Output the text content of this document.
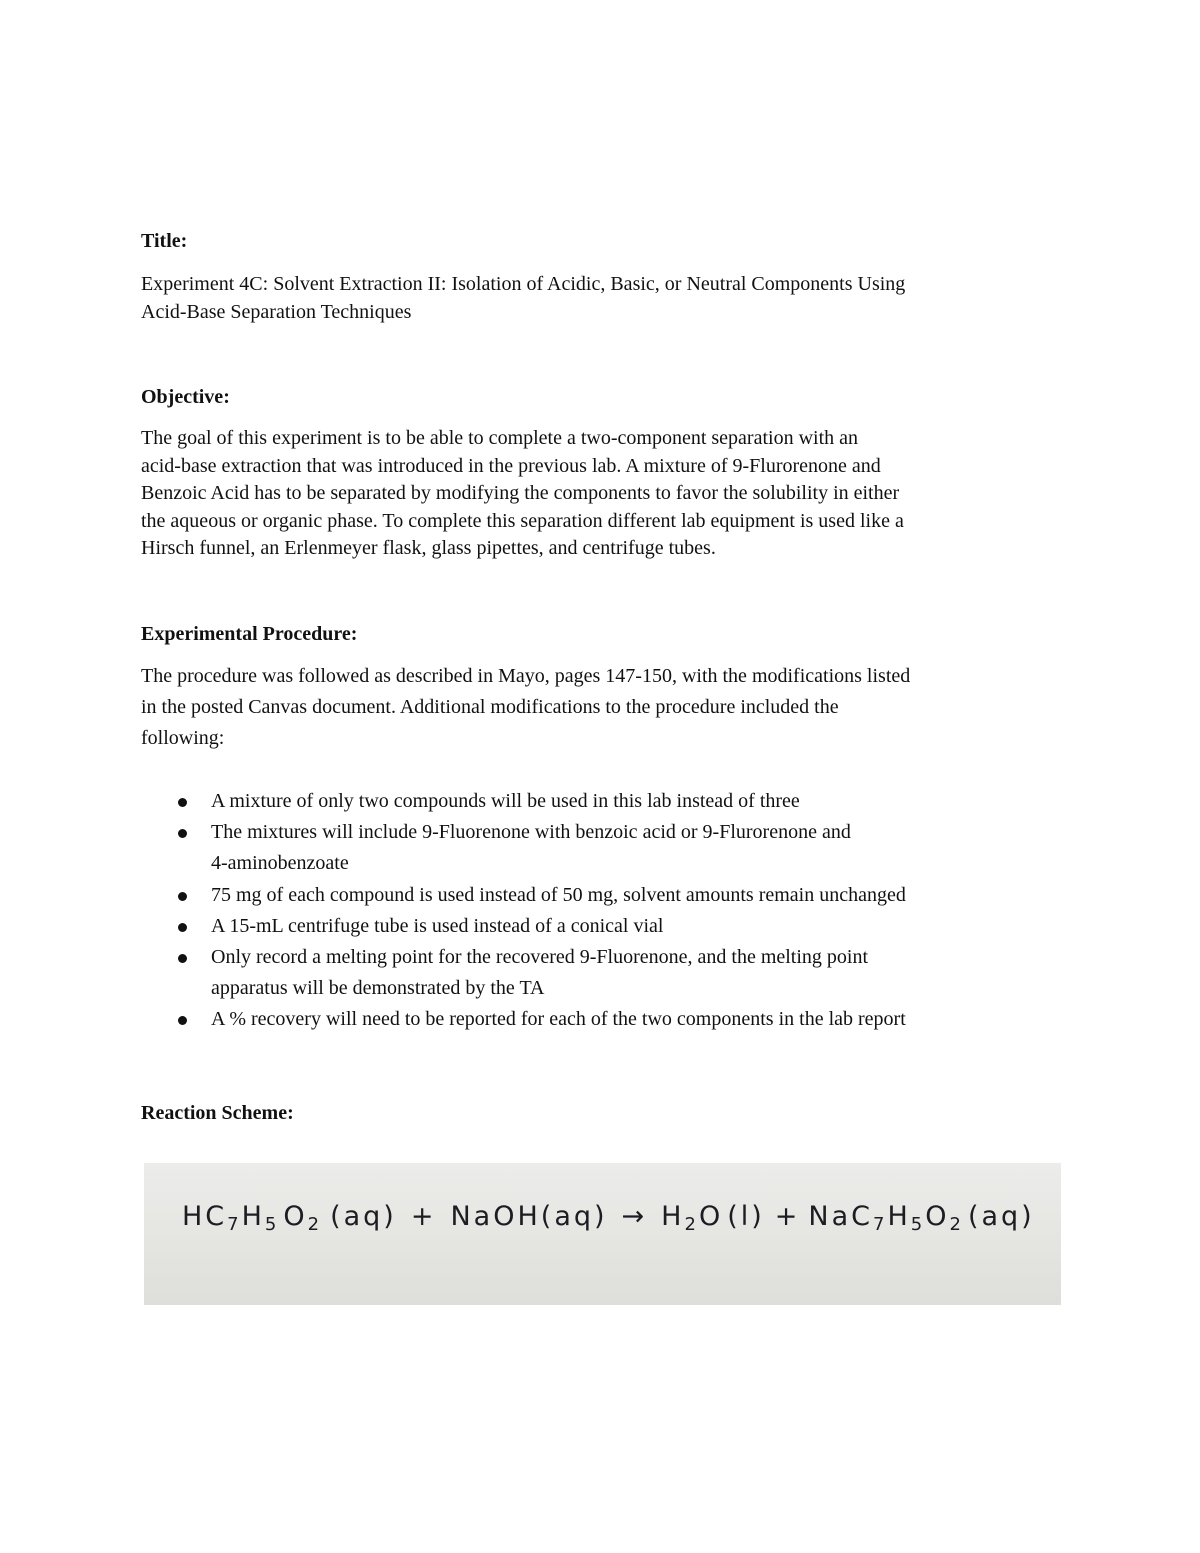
Title:
Experiment 4C: Solvent Extraction II: Isolation of Acidic, Basic, or Neutral Components Using
Acid-Base Separation Techniques
Objective:
The goal of this experiment is to be able to complete a two-component separation with an
acid-base extraction that was introduced in the previous lab. A mixture of 9-Flurorenone and
Benzoic Acid has to be separated by modifying the components to favor the solubility in either
the aqueous or organic phase. To complete this separation different lab equipment is used like a
Hirsch funnel, an Erlenmeyer flask, glass pipettes, and centrifuge tubes.
Experimental Procedure:
The procedure was followed as described in Mayo, pages 147-150, with the modifications listed
in the posted Canvas document. Additional modifications to the procedure included the
following:
A mixture of only two compounds will be used in this lab instead of three
The mixtures will include 9-Fluorenone with benzoic acid or 9-Flurorenone and
4-aminobenzoate
75 mg of each compound is used instead of 50 mg, solvent amounts remain unchanged
A 15-mL centrifuge tube is used instead of a conical vial
Only record a melting point for the recovered 9-Fluorenone, and the melting point
apparatus will be demonstrated by the TA
A % recovery will need to be reported for each of the two components in the lab report
Reaction Scheme:
HC7H5 O2 (aq) + NaOH(aq) → H2O (l) + NaC7H5O2 (aq)
